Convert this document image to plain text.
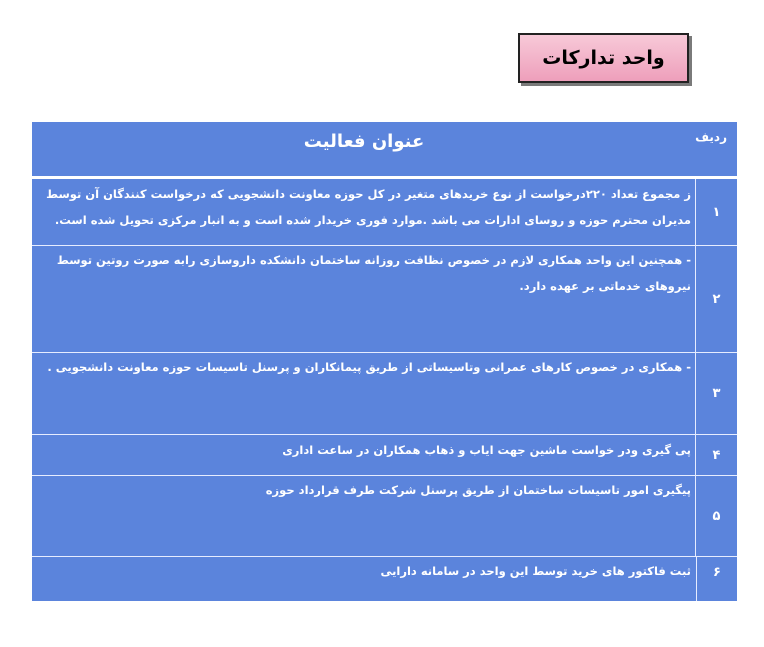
واحد تدارکات
ردیف
عنوان فعالیت
۱
ز مجموع تعداد ۲۲۰درخواست از نوع خریدهای متغیر در کل حوزه معاونت دانشجویی که درخواست کنندگان آن توسط مدیران محترم حوزه و روسای ادارات می باشد .موارد فوری خریدار شده است و به انبار مرکزی تحویل شده است.
۲
- همچنین این واحد همکاری لازم در خصوص نظافت روزانه ساختمان دانشکده داروسازی رابه صورت روتین توسط نیروهای خدماتی بر عهده دارد.
۳
- همکاری در خصوص کارهای عمرانی وتاسیساتی از طریق پیمانکاران و پرسنل تاسیسات حوزه معاونت دانشجویی .
۴
پی گیری ودر خواست ماشین جهت ایاب و ذهاب همکاران در ساعت اداری
۵
پیگیری امور تاسیسات ساختمان از طریق پرسنل شرکت طرف قرارداد حوزه
۶
ثبت فاکتور های خرید توسط این واحد در سامانه دارایی
